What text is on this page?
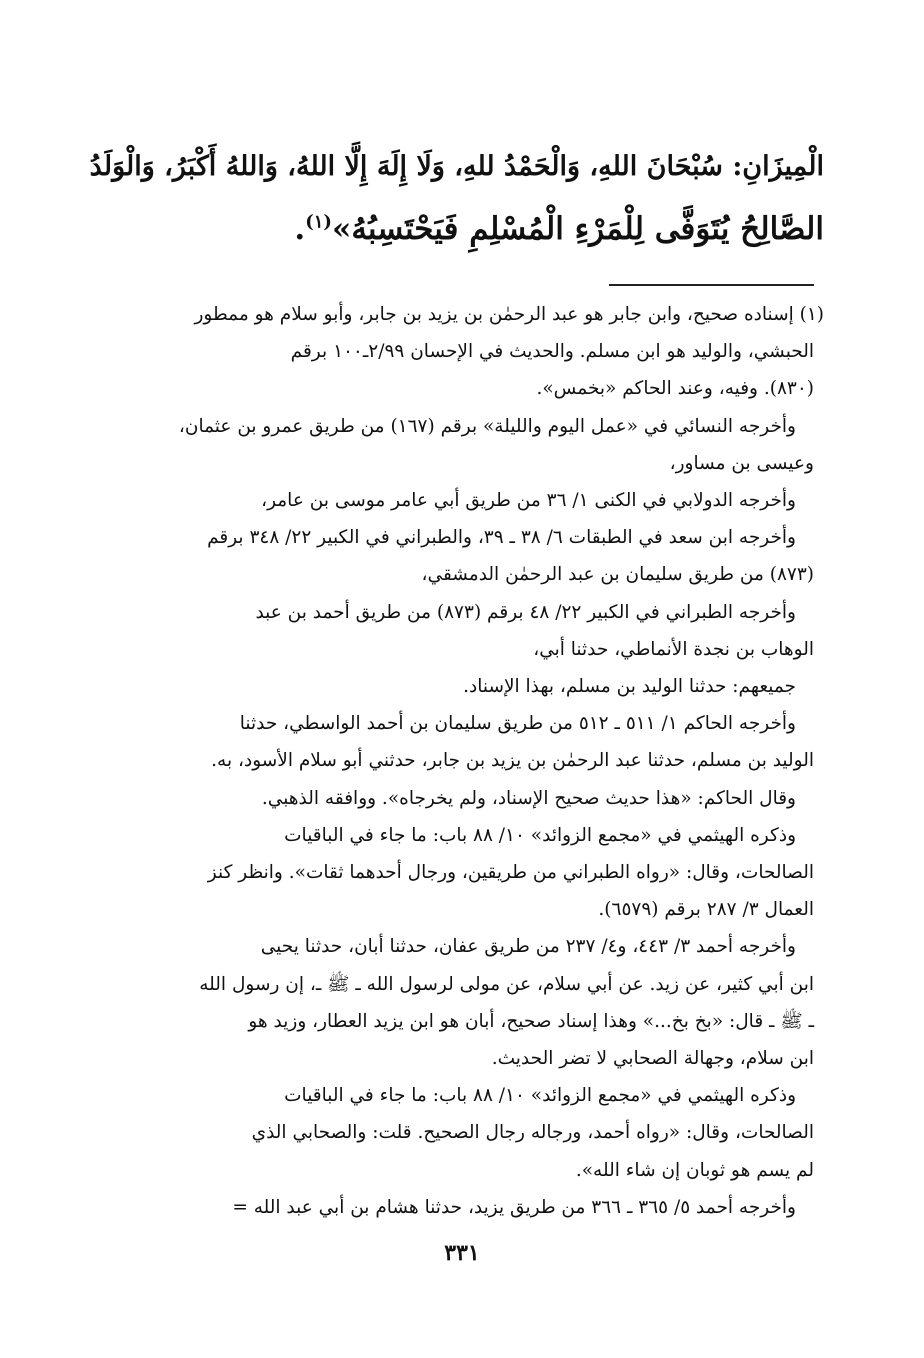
الْمِيزَانِ: سُبْحَانَ اللهِ، وَالْحَمْدُ للهِ، وَلَا إِلَهَ إِلَّا اللهُ، وَاللهُ أَكْبَرُ، وَالْوَلَدُ
الصَّالِحُ يُتَوَفَّى لِلْمَرْءِ الْمُسْلِمِ فَيَحْتَسِبُهُ»$^{(١)}$.
(١) إسناده صحيح، وابن جابر هو عبد الرحمٰن بن يزيد بن جابر، وأبو سلام هو ممطور
الحبشي، والوليد هو ابن مسلم. والحديث في الإحسان ٢/٩٩ـ١٠٠ برقم
(٨٣٠). وفيه، وعند الحاكم «بخمس».
وأخرجه النسائي في «عمل اليوم والليلة» برقم (١٦٧) من طريق عمرو بن عثمان،
وعيسى بن مساور،
وأخرجه الدولابي في الكنى ١/ ٣٦ من طريق أبي عامر موسى بن عامر،
وأخرجه ابن سعد في الطبقات ٦/ ٣٨ ـ ٣٩، والطبراني في الكبير ٢٢/ ٣٤٨ برقم
(٨٧٣) من طريق سليمان بن عبد الرحمٰن الدمشقي،
وأخرجه الطبراني في الكبير ٢٢/ ٤٨ برقم (٨٧٣) من طريق أحمد بن عبد
الوهاب بن نجدة الأنماطي، حدثنا أبي،
جميعهم: حدثنا الوليد بن مسلم، بهذا الإسناد.
وأخرجه الحاكم ١/ ٥١١ ـ ٥١٢ من طريق سليمان بن أحمد الواسطي، حدثنا
الوليد بن مسلم، حدثنا عبد الرحمٰن بن يزيد بن جابر، حدثني أبو سلام الأسود، به.
وقال الحاكم: «هذا حديث صحيح الإسناد، ولم يخرجاه». ووافقه الذهبي.
وذكره الهيثمي في «مجمع الزوائد» ١٠/ ٨٨ باب: ما جاء في الباقيات
الصالحات، وقال: «رواه الطبراني من طريقين، ورجال أحدهما ثقات». وانظر كنز
العمال ٣/ ٢٨٧ برقم (٦٥٧٩).
وأخرجه أحمد ٣/ ٤٤٣، و٤/ ٢٣٧ من طريق عفان، حدثنا أبان، حدثنا يحيى
ابن أبي كثير، عن زيد. عن أبي سلام، عن مولى لرسول الله ـ ﷺ ـ، إن رسول الله
ـ ﷺ ـ قال: «بخ بخ...» وهذا إسناد صحيح، أبان هو ابن يزيد العطار، وزيد هو
ابن سلام، وجهالة الصحابي لا تضر الحديث.
وذكره الهيثمي في «مجمع الزوائد» ١٠/ ٨٨ باب: ما جاء في الباقيات
الصالحات، وقال: «رواه أحمد، ورجاله رجال الصحيح. قلت: والصحابي الذي
لم يسم هو ثوبان إن شاء الله».
وأخرجه أحمد ٥/ ٣٦٥ ـ ٣٦٦ من طريق يزيد، حدثنا هشام بن أبي عبد الله =
٣٣١
